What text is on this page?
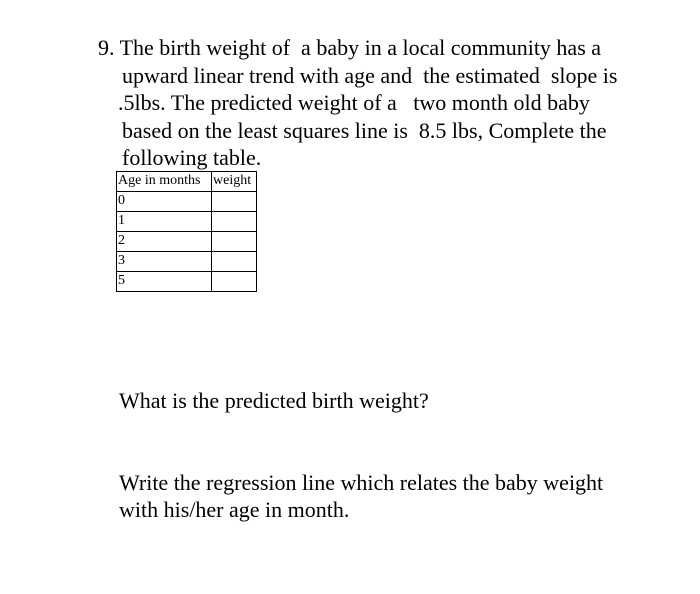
9. The birth weight of  a baby in a local community has a
upward linear trend with age and  the estimated  slope is
.5lbs. The predicted weight of a   two month old baby
based on the least squares line is  8.5 lbs, Complete the
following table.
Age in months	weight
0	
1	
2	
3	
5	
What is the predicted birth weight?
Write the regression line which relates the baby weight
with his/her age in month.
